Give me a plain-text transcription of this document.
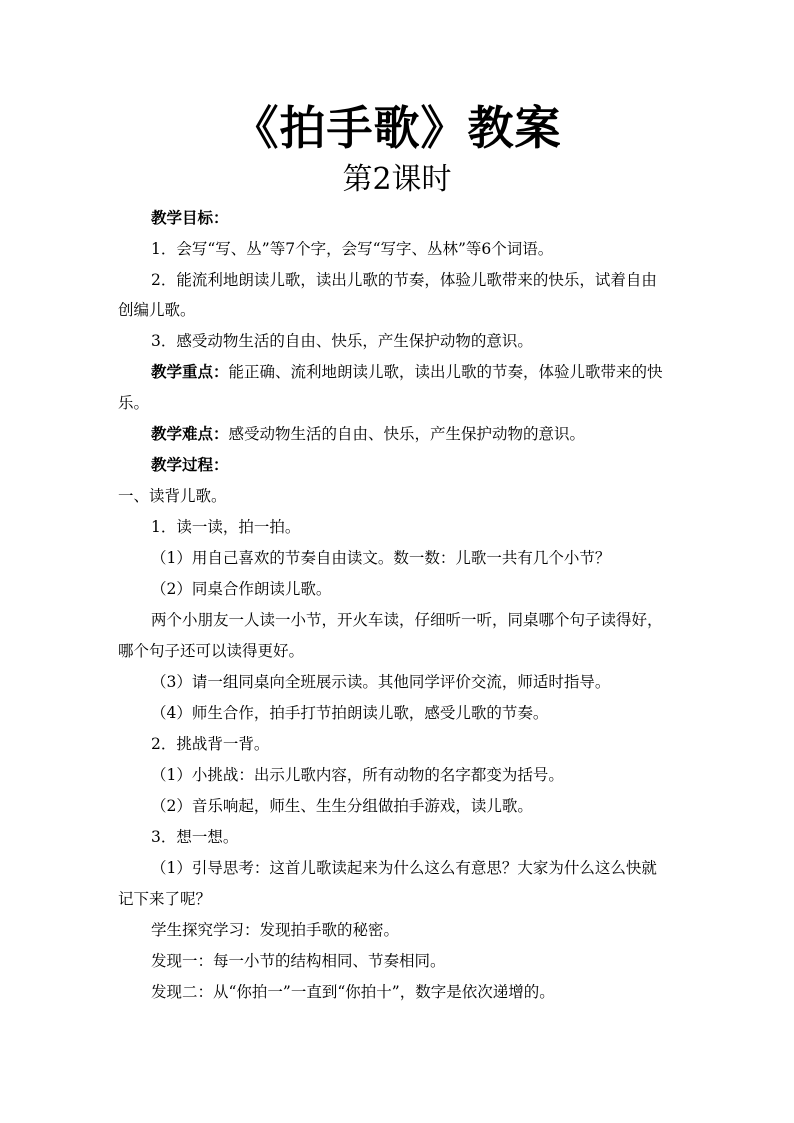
《拍手歌》教案
第2课时
教学目标：
1．会写“写、丛”等7个字，会写“写字、丛林”等6个词语。
2．能流利地朗读儿歌，读出儿歌的节奏，体验儿歌带来的快乐，试着自由
创编儿歌。
3．感受动物生活的自由、快乐，产生保护动物的意识。
教学重点：能正确、流利地朗读儿歌，读出儿歌的节奏，体验儿歌带来的快
乐。
教学难点：感受动物生活的自由、快乐，产生保护动物的意识。
教学过程：
一、读背儿歌。
1．读一读，拍一拍。
（1）用自己喜欢的节奏自由读文。数一数：儿歌一共有几个小节？
（2）同桌合作朗读儿歌。
两个小朋友一人读一小节，开火车读，仔细听一听，同桌哪个句子读得好，
哪个句子还可以读得更好。
（3）请一组同桌向全班展示读。其他同学评价交流，师适时指导。
（4）师生合作，拍手打节拍朗读儿歌，感受儿歌的节奏。
2．挑战背一背。
（1）小挑战：出示儿歌内容，所有动物的名字都变为括号。
（2）音乐响起，师生、生生分组做拍手游戏，读儿歌。
3．想一想。
（1）引导思考：这首儿歌读起来为什么这么有意思？大家为什么这么快就
记下来了呢？
学生探究学习：发现拍手歌的秘密。
发现一：每一小节的结构相同、节奏相同。
发现二：从“你拍一”一直到“你拍十”，数字是依次递增的。
